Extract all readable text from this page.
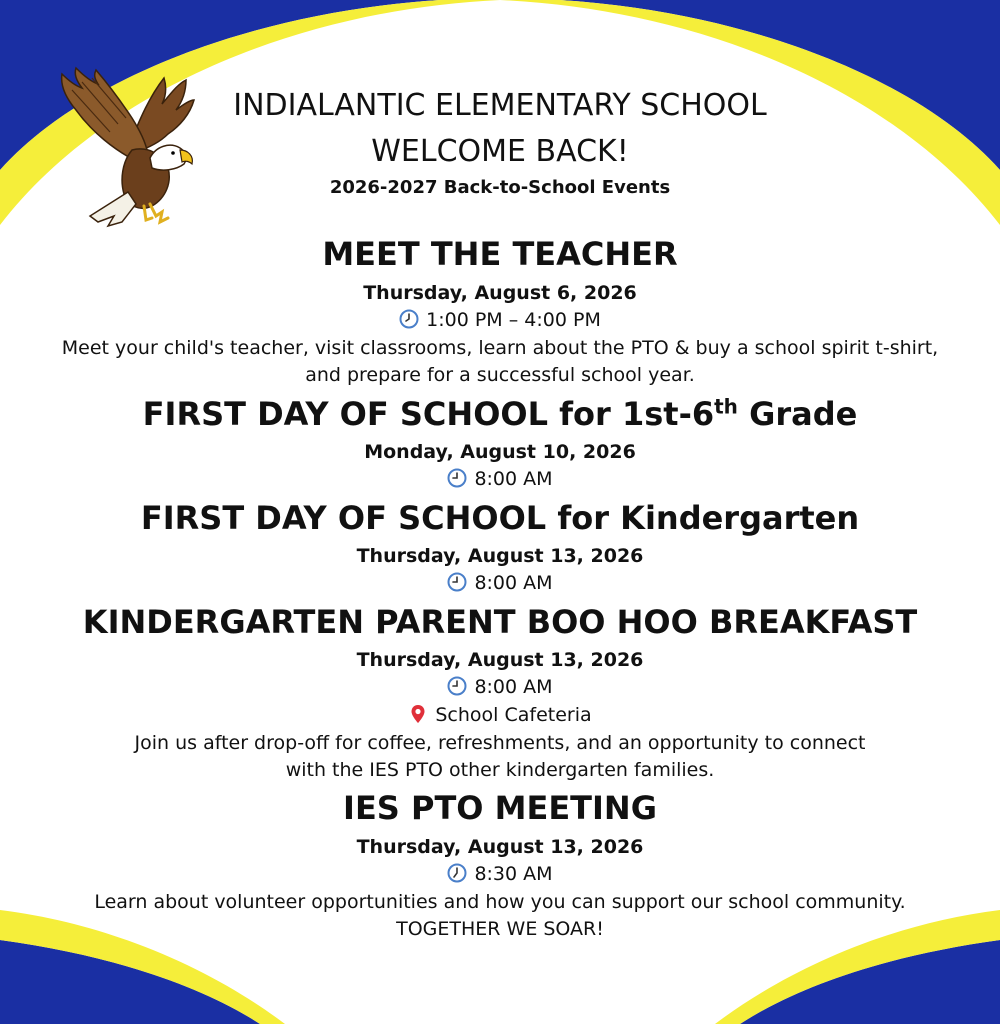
INDIALANTIC ELEMENTARY SCHOOL
WELCOME BACK!
2026-2027 Back-to-School Events
MEET THE TEACHER
Thursday, August 6, 2026
1:00 PM – 4:00 PM
Meet your child's teacher, visit classrooms, learn about the PTO & buy a school spirit t-shirt,
and prepare for a successful school year.
FIRST DAY OF SCHOOL for 1st-6th Grade
Monday, August 10, 2026
8:00 AM
FIRST DAY OF SCHOOL for Kindergarten
Thursday, August 13, 2026
8:00 AM
KINDERGARTEN PARENT BOO HOO BREAKFAST
Thursday, August 13, 2026
8:00 AM
School Cafeteria
Join us after drop-off for coffee, refreshments, and an opportunity to connect
with the IES PTO other kindergarten families.
IES PTO MEETING
Thursday, August 13, 2026
8:30 AM
Learn about volunteer opportunities and how you can support our school community.
TOGETHER WE SOAR!
